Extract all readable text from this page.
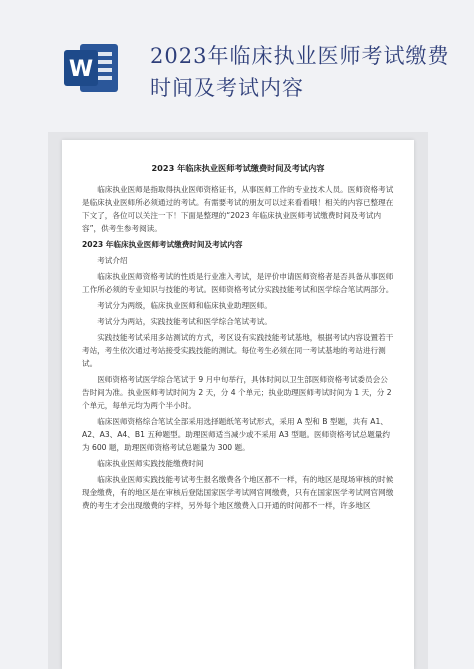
W
2023年临床执业医师考试缴费时间及考试内容
2023 年临床执业医师考试缴费时间及考试内容
临床执业医师是指取得执业医师资格证书，从事医师工作的专业技术人员。医师资格考试是临床执业医师所必须通过的考试。有需要考试的朋友可以过来看看哦！相关的内容已整理在下文了，各位可以关注一下！下面是整理的“2023 年临床执业医师考试缴费时间及考试内容”，供考生参考阅读。
2023 年临床执业医师考试缴费时间及考试内容
考试介绍
临床执业医师资格考试的性质是行业准入考试，是评价申请医师资格者是否具备从事医师工作所必须的专业知识与技能的考试。医师资格考试分实践技能考试和医学综合笔试两部分。
考试分为两级，临床执业医师和临床执业助理医师。
考试分为两站，实践技能考试和医学综合笔试考试。
实践技能考试采用多站测试的方式，考区设有实践技能考试基地，根据考试内容设置若干考站，考生依次通过考站接受实践技能的测试。每位考生必须在同一考试基地的考站进行测试。
医师资格考试医学综合笔试于 9 月中旬举行，具体时间以卫生部医师资格考试委员会公告时间为准。执业医师考试时间为 2 天，分 4 个单元；执业助理医师考试时间为 1 天，分 2 个单元，每单元均为两个半小时。
临床医师资格综合笔试全部采用选择题纸笔考试形式，采用 A 型和 B 型题，共有 A1、A2、A3、A4、B1 五种题型。助理医师适当减少或不采用 A3 型题。医师资格考试总题量约为 600 题，助理医师资格考试总题量为 300 题。
临床执业医师实践技能缴费时间
临床执业医师实践技能考试考生报名缴费各个地区都不一样，有的地区是现场审核的时候现金缴费，有的地区是在审核后登陆国家医学考试网官网缴费，只有在国家医学考试网官网缴费的考生才会出现缴费的字样，另外每个地区缴费入口开通的时间都不一样，许多地区
